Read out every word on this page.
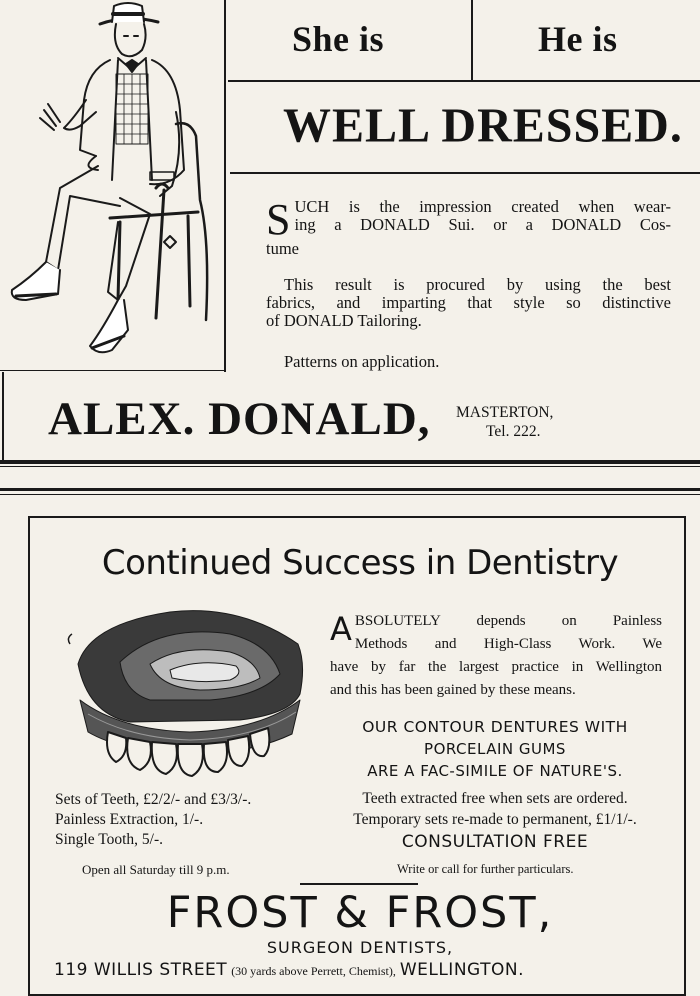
She is	He is
WELL DRESSED.
S UCH is the impression created when wear-
ing a DONALD Sui. or a DONALD Cos-
tume
This result is procured by using the best
fabrics, and imparting that style so distinctive
of DONALD Tailoring.
Patterns on application.
ALEX. DONALD, MASTERTON,
Tel. 222.
Continued Success in Dentistry
A BSOLUTELY depends on Painless
Methods and High-Class Work. We
have by far the largest practice in Wellington
and this has been gained by these means.
OUR CONTOUR DENTURES WITH
PORCELAIN GUMS
ARE A FAC-SIMILE OF NATURE'S.
Sets of Teeth, £2/2/- and £3/3/-.
Painless Extraction, 1/-.
Single Tooth, 5/-.
Teeth extracted free when sets are ordered.
Temporary sets re-made to permanent, £1/1/-.
CONSULTATION FREE
Open all Saturday till 9 p.m.	Write or call for further particulars.
FROST & FROST,
SURGEON DENTISTS,
119 WILLIS STREET (30 yards above Perrett, Chemist), WELLINGTON.
